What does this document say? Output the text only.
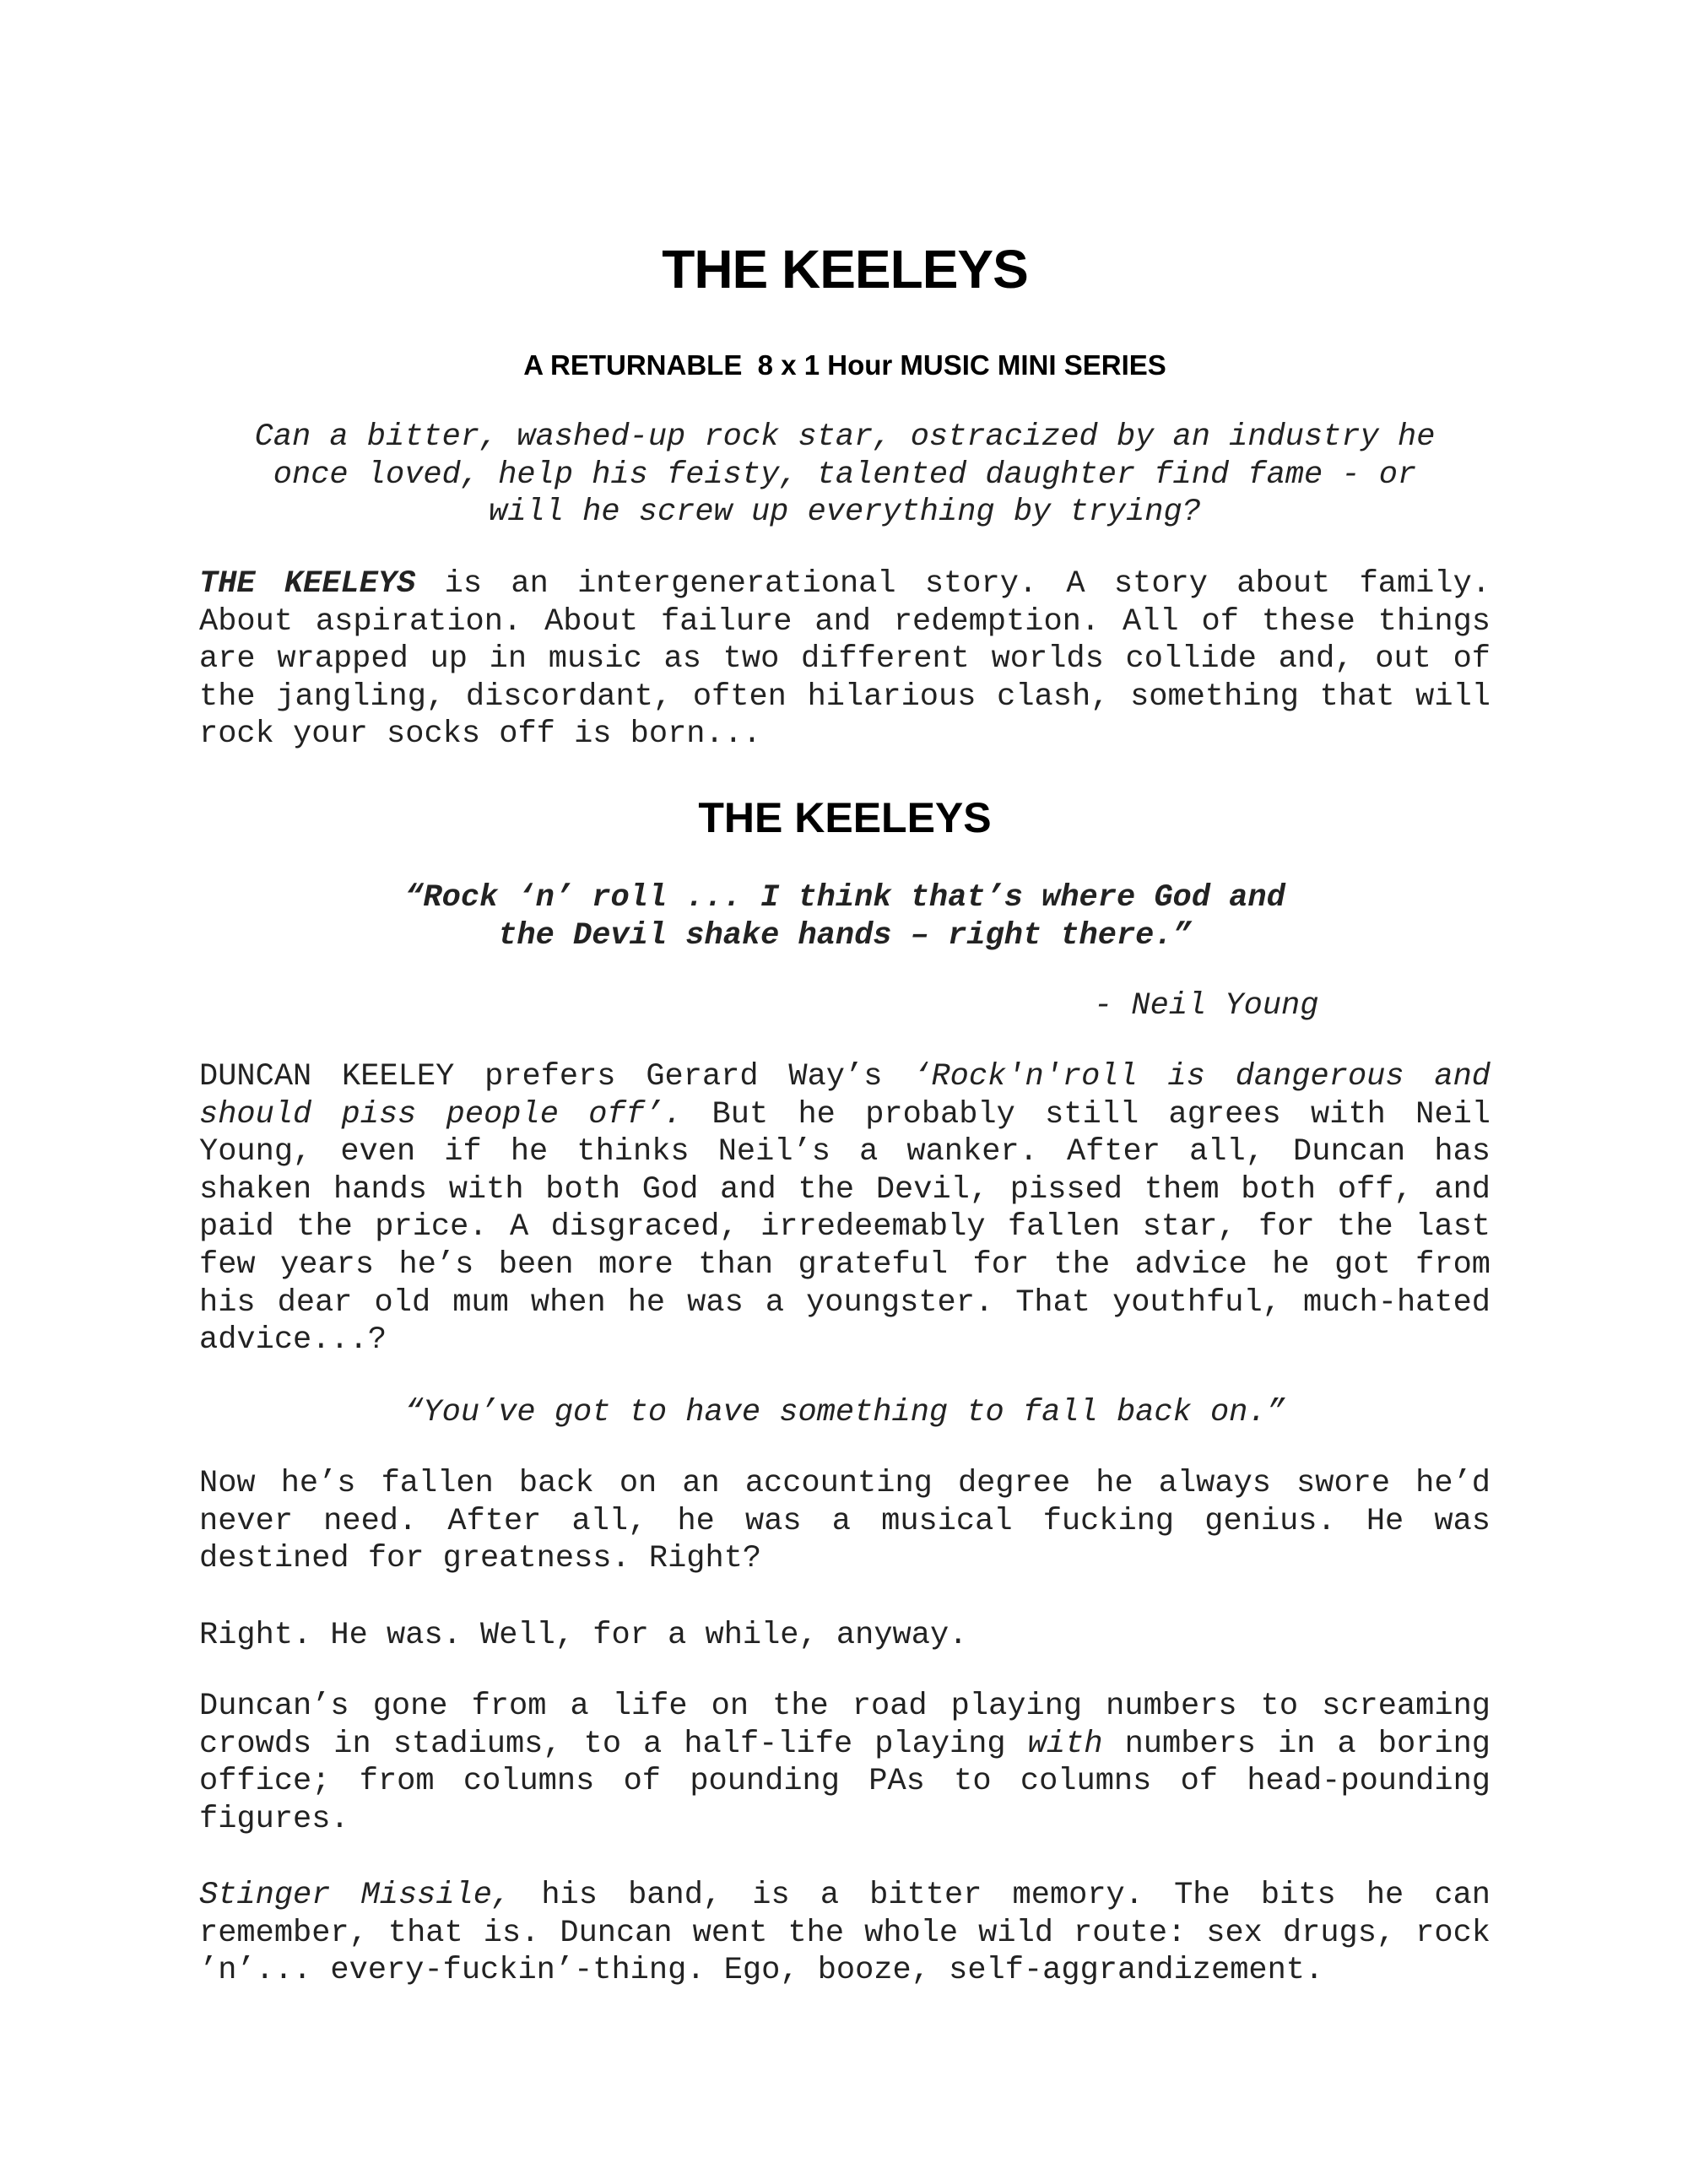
THE KEELEYS

A RETURNABLE  8 x 1 Hour MUSIC MINI SERIES

Can a bitter, washed-up rock star, ostracized by an industry he
once loved, help his feisty, talented daughter find fame - or
will he screw up everything by trying?

THE KEELEYS is an intergenerational story. A story about family. About aspiration. About failure and redemption. All of these things are wrapped up in music as two different worlds collide and, out of the jangling, discordant, often hilarious clash, something that will rock your socks off is born...

THE KEELEYS

“Rock ‘n’ roll ... I think that’s where God and
the Devil shake hands – right there.”

- Neil Young

DUNCAN KEELEY prefers Gerard Way’s ‘Rock'n'roll is dangerous and should piss people off’. But he probably still agrees with Neil Young, even if he thinks Neil’s a wanker. After all, Duncan has shaken hands with both God and the Devil, pissed them both off, and paid the price. A disgraced, irredeemably fallen star, for the last few years he’s been more than grateful for the advice he got from his dear old mum when he was a youngster. That youthful, much-hated advice...?

“You’ve got to have something to fall back on.”

Now he’s fallen back on an accounting degree he always swore he’d never need. After all, he was a musical fucking genius. He was destined for greatness. Right?

Right. He was. Well, for a while, anyway.

Duncan’s gone from a life on the road playing numbers to screaming crowds in stadiums, to a half-life playing with numbers in a boring office; from columns of pounding PAs to columns of head-pounding figures.

Stinger Missile, his band, is a bitter memory. The bits he can remember, that is. Duncan went the whole wild route: sex drugs, rock ’n’... every-fuckin’-thing. Ego, booze, self-aggrandizement.
